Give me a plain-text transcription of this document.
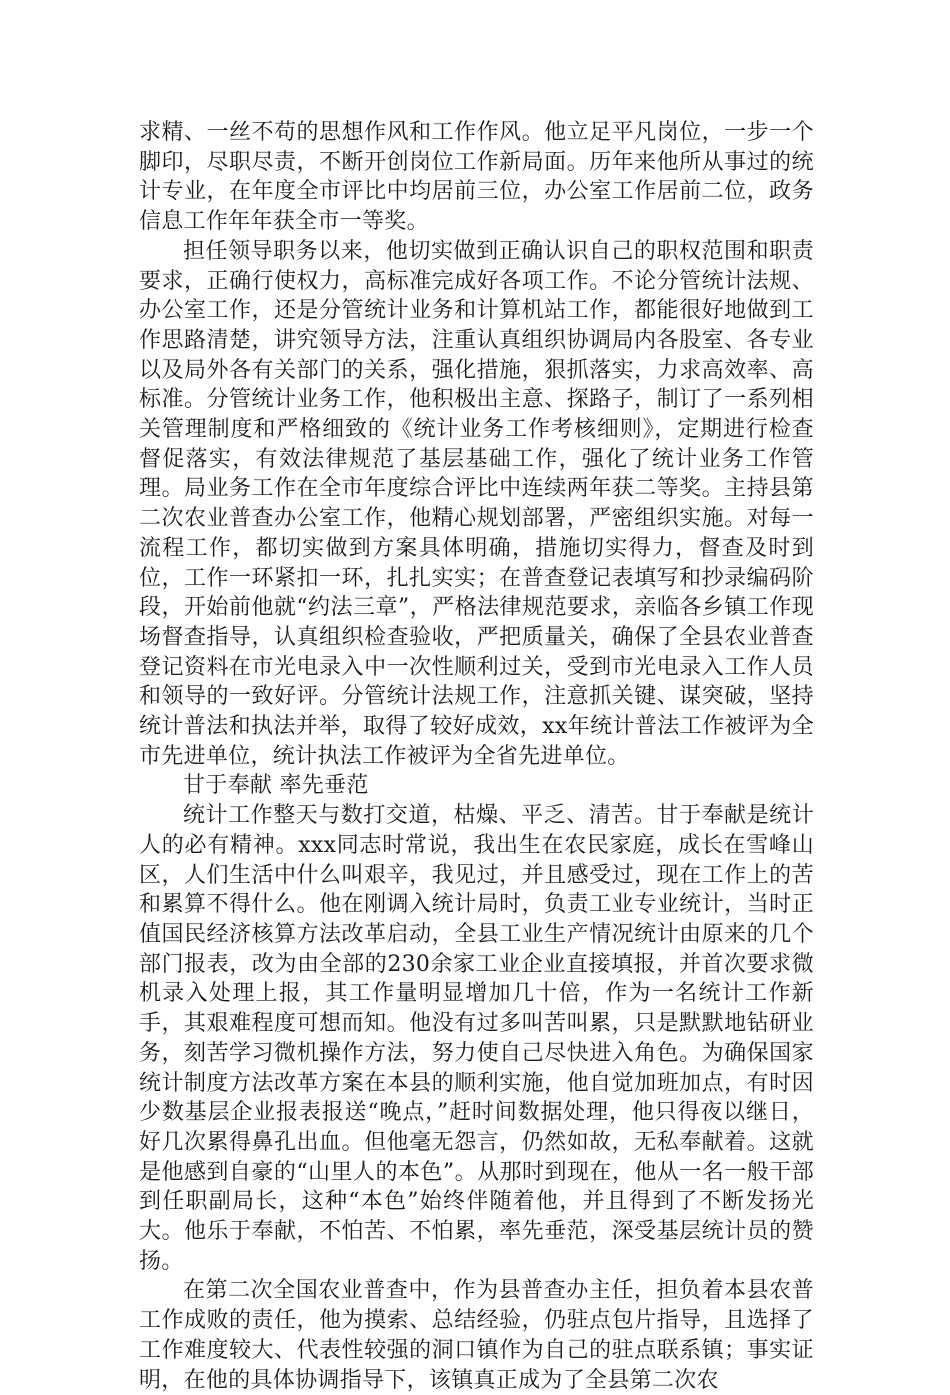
求精、一丝不苟的思想作风和工作作风。他立足平凡岗位，一步一个脚印，尽职尽责，不断开创岗位工作新局面。历年来他所从事过的统计专业，在年度全市评比中均居前三位，办公室工作居前二位，政务信息工作年年获全市一等奖。

担任领导职务以来，他切实做到正确认识自己的职权范围和职责要求，正确行使权力，高标准完成好各项工作。不论分管统计法规、办公室工作，还是分管统计业务和计算机站工作，都能很好地做到工作思路清楚，讲究领导方法，注重认真组织协调局内各股室、各专业以及局外各有关部门的关系，强化措施，狠抓落实，力求高效率、高标准。分管统计业务工作，他积极出主意、探路子，制订了一系列相关管理制度和严格细致的《统计业务工作考核细则》，定期进行检查督促落实，有效法律规范了基层基础工作，强化了统计业务工作管理。局业务工作在全市年度综合评比中连续两年获二等奖。主持县第二次农业普查办公室工作，他精心规划部署，严密组织实施。对每一流程工作，都切实做到方案具体明确，措施切实得力，督查及时到位，工作一环紧扣一环，扎扎实实；在普查登记表填写和抄录编码阶段，开始前他就“约法三章”，严格法律规范要求，亲临各乡镇工作现场督查指导，认真组织检查验收，严把质量关，确保了全县农业普查登记资料在市光电录入中一次性顺利过关，受到市光电录入工作人员和领导的一致好评。分管统计法规工作，注意抓关键、谋突破，坚持统计普法和执法并举，取得了较好成效，xx年统计普法工作被评为全市先进单位，统计执法工作被评为全省先进单位。

甘于奉献 率先垂范

统计工作整天与数打交道，枯燥、平乏、清苦。甘于奉献是统计人的必有精神。xxx同志时常说，我出生在农民家庭，成长在雪峰山区，人们生活中什么叫艰辛，我见过，并且感受过，现在工作上的苦和累算不得什么。他在刚调入统计局时，负责工业专业统计，当时正值国民经济核算方法改革启动，全县工业生产情况统计由原来的几个部门报表，改为由全部的230余家工业企业直接填报，并首次要求微机录入处理上报，其工作量明显增加几十倍，作为一名统计工作新手，其艰难程度可想而知。他没有过多叫苦叫累，只是默默地钻研业务，刻苦学习微机操作方法，努力使自己尽快进入角色。为确保国家统计制度方法改革方案在本县的顺利实施，他自觉加班加点，有时因少数基层企业报表报送“晚点，”赶时间数据处理，他只得夜以继日，好几次累得鼻孔出血。但他毫无怨言，仍然如故，无私奉献着。这就是他感到自豪的“山里人的本色”。从那时到现在，他从一名一般干部到任职副局长，这种“本色”始终伴随着他，并且得到了不断发扬光大。他乐于奉献，不怕苦、不怕累，率先垂范，深受基层统计员的赞扬。

在第二次全国农业普查中，作为县普查办主任，担负着本县农普工作成败的责任，他为摸索、总结经验，仍驻点包片指导，且选择了工作难度较大、代表性较强的洞口镇作为自己的驻点联系镇；事实证明，在他的具体协调指导下，该镇真正成为了全县第二次农
